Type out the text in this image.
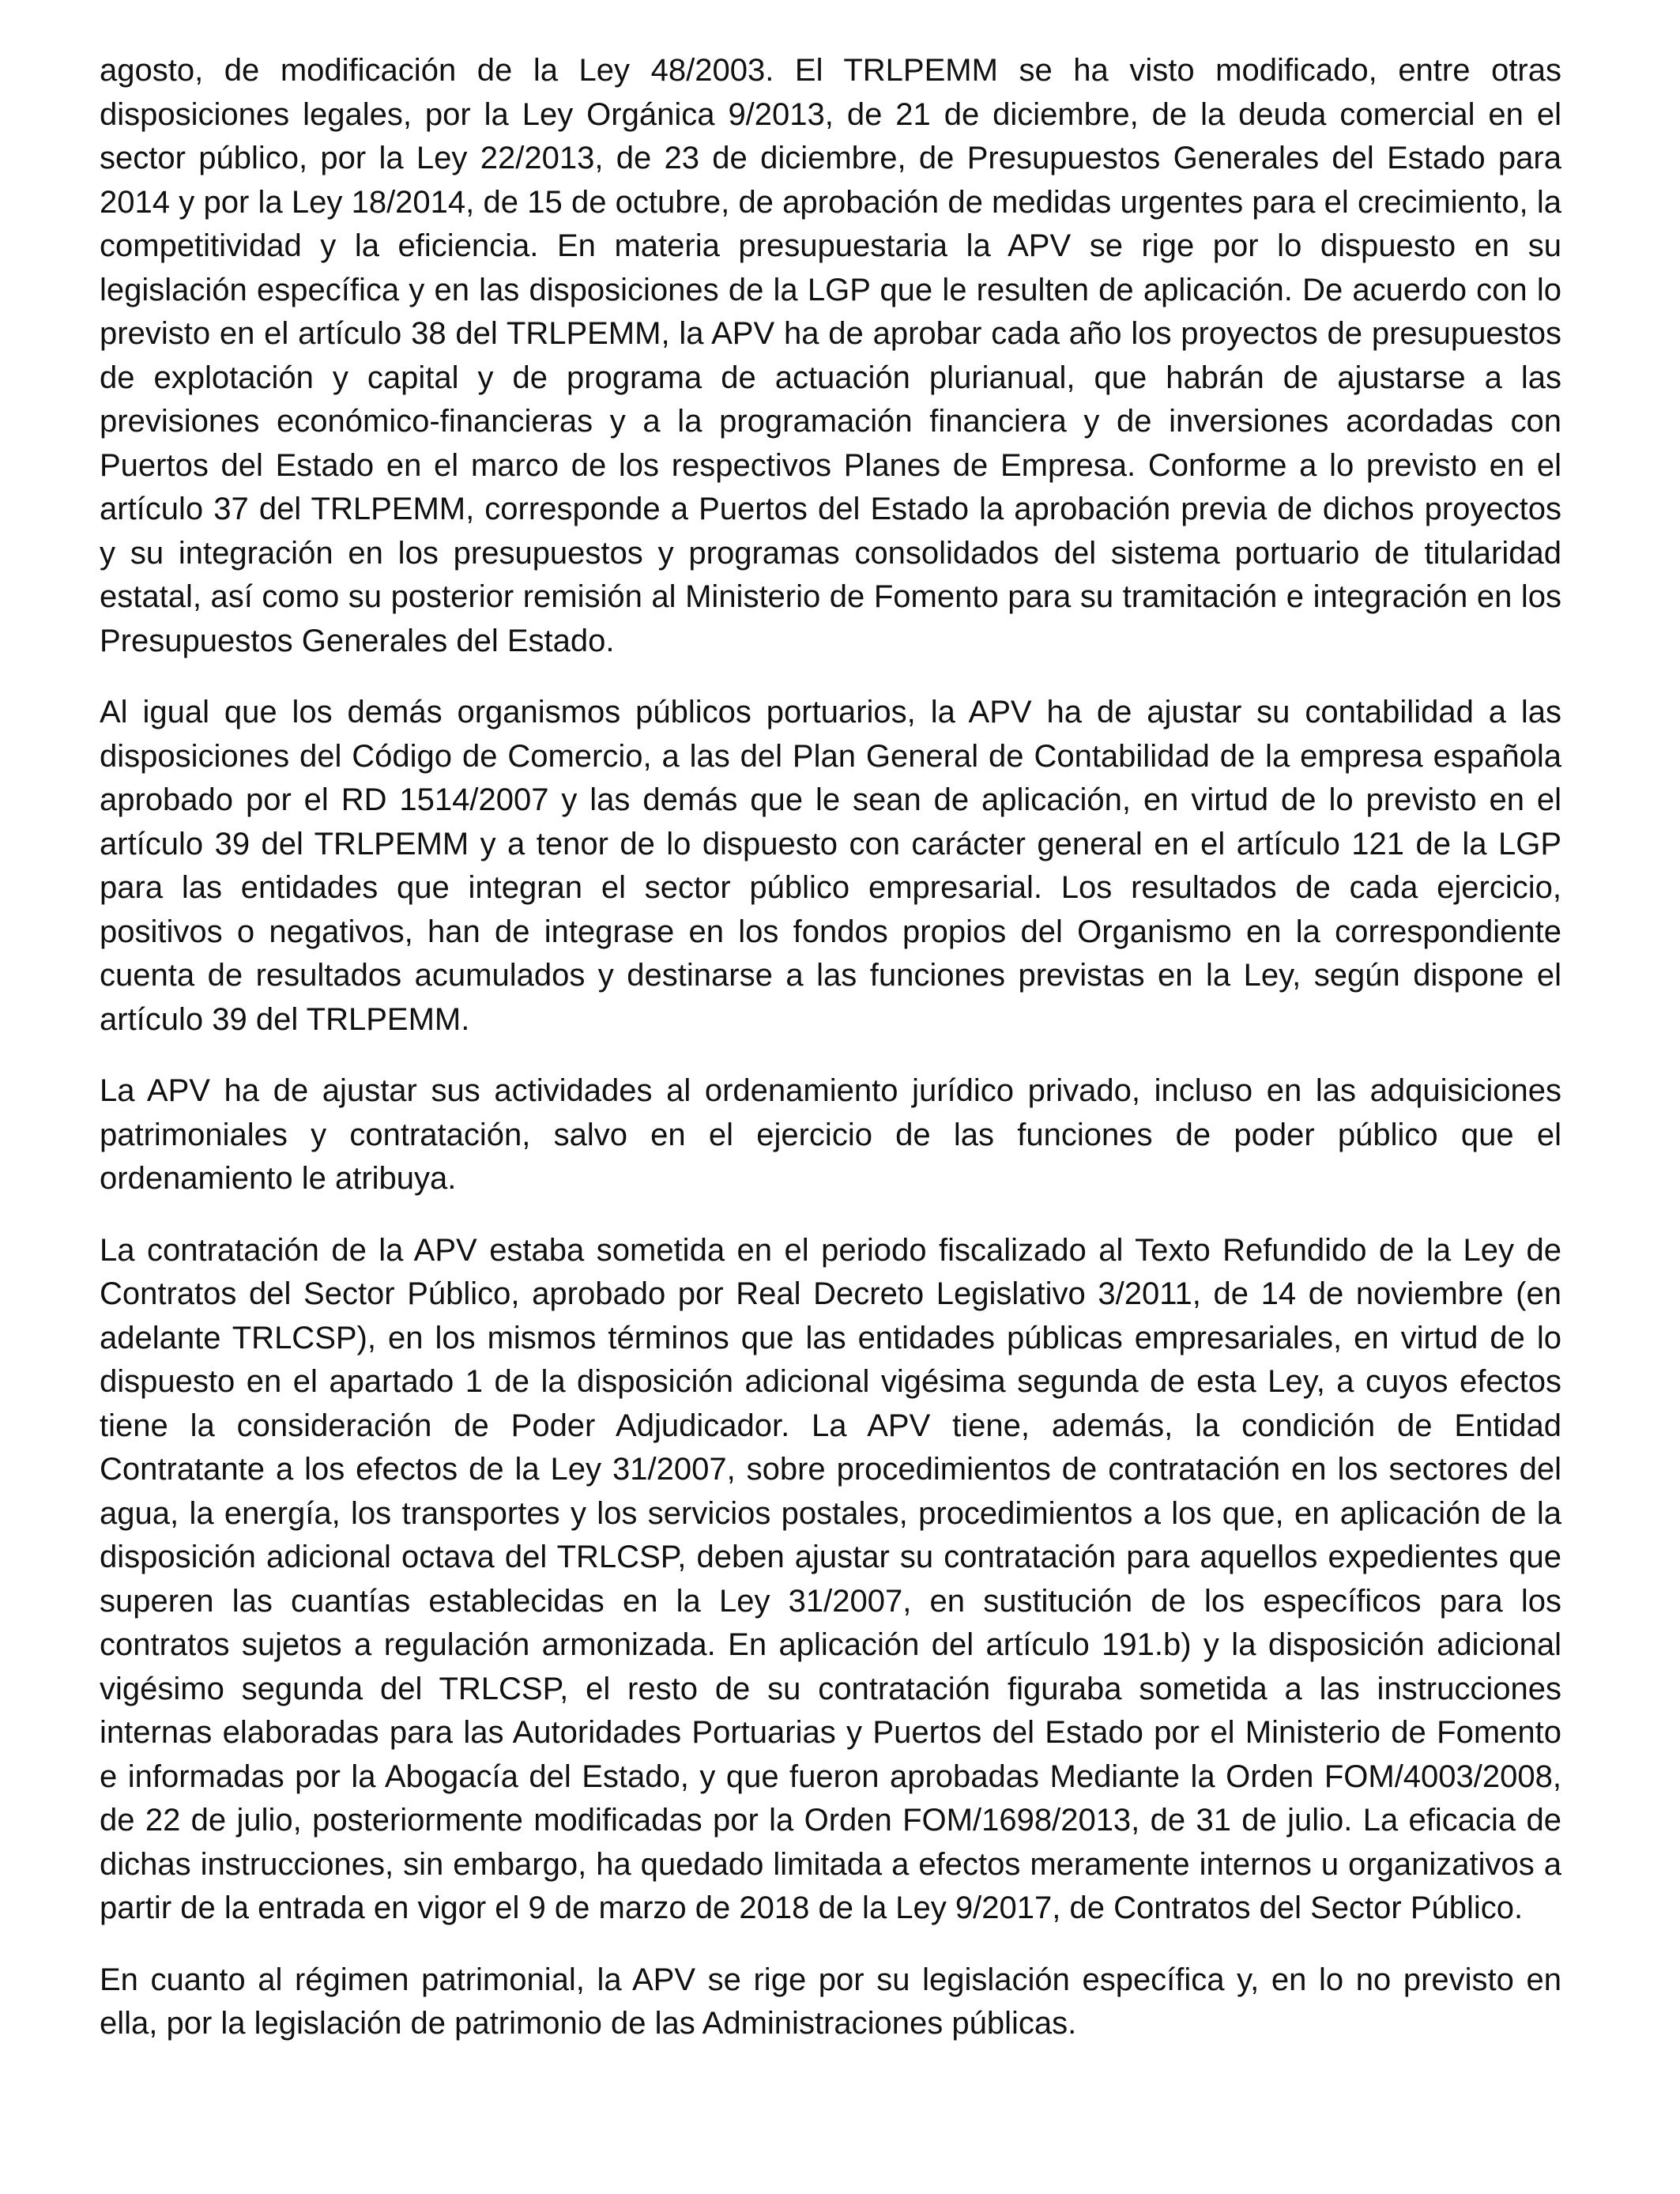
agosto, de modificación de la Ley 48/2003. El TRLPEMM se ha visto modificado, entre otras disposiciones legales, por la Ley Orgánica 9/2013, de 21 de diciembre, de la deuda comercial en el sector público, por la Ley 22/2013, de 23 de diciembre, de Presupuestos Generales del Estado para 2014 y por la Ley 18/2014, de 15 de octubre, de aprobación de medidas urgentes para el crecimiento, la competitividad y la eficiencia. En materia presupuestaria la APV se rige por lo dispuesto en su legislación específica y en las disposiciones de la LGP que le resulten de aplicación. De acuerdo con lo previsto en el artículo 38 del TRLPEMM, la APV ha de aprobar cada año los proyectos de presupuestos de explotación y capital y de programa de actuación plurianual, que habrán de ajustarse a las previsiones económico-financieras y a la programación financiera y de inversiones acordadas con Puertos del Estado en el marco de los respectivos Planes de Empresa. Conforme a lo previsto en el artículo 37 del TRLPEMM, corresponde a Puertos del Estado la aprobación previa de dichos proyectos y su integración en los presupuestos y programas consolidados del sistema portuario de titularidad estatal, así como su posterior remisión al Ministerio de Fomento para su tramitación e integración en los Presupuestos Generales del Estado.

Al igual que los demás organismos públicos portuarios, la APV ha de ajustar su contabilidad a las disposiciones del Código de Comercio, a las del Plan General de Contabilidad de la empresa española aprobado por el RD 1514/2007 y las demás que le sean de aplicación, en virtud de lo previsto en el artículo 39 del TRLPEMM y a tenor de lo dispuesto con carácter general en el artículo 121 de la LGP para las entidades que integran el sector público empresarial. Los resultados de cada ejercicio, positivos o negativos, han de integrase en los fondos propios del Organismo en la correspondiente cuenta de resultados acumulados y destinarse a las funciones previstas en la Ley, según dispone el artículo 39 del TRLPEMM.

La APV ha de ajustar sus actividades al ordenamiento jurídico privado, incluso en las adquisiciones patrimoniales y contratación, salvo en el ejercicio de las funciones de poder público que el ordenamiento le atribuya.

La contratación de la APV estaba sometida en el periodo fiscalizado al Texto Refundido de la Ley de Contratos del Sector Público, aprobado por Real Decreto Legislativo 3/2011, de 14 de noviembre (en adelante TRLCSP), en los mismos términos que las entidades públicas empresariales, en virtud de lo dispuesto en el apartado 1 de la disposición adicional vigésima segunda de esta Ley, a cuyos efectos tiene la consideración de Poder Adjudicador. La APV tiene, además, la condición de Entidad Contratante a los efectos de la Ley 31/2007, sobre procedimientos de contratación en los sectores del agua, la energía, los transportes y los servicios postales, procedimientos a los que, en aplicación de la disposición adicional octava del TRLCSP, deben ajustar su contratación para aquellos expedientes que superen las cuantías establecidas en la Ley 31/2007, en sustitución de los específicos para los contratos sujetos a regulación armonizada. En aplicación del artículo 191.b) y la disposición adicional vigésimo segunda del TRLCSP, el resto de su contratación figuraba sometida a las instrucciones internas elaboradas para las Autoridades Portuarias y Puertos del Estado por el Ministerio de Fomento e informadas por la Abogacía del Estado, y que fueron aprobadas Mediante la Orden FOM/4003/2008, de 22 de julio, posteriormente modificadas por la Orden FOM/1698/2013, de 31 de julio. La eficacia de dichas instrucciones, sin embargo, ha quedado limitada a efectos meramente internos u organizativos a partir de la entrada en vigor el 9 de marzo de 2018 de la Ley 9/2017, de Contratos del Sector Público.

En cuanto al régimen patrimonial, la APV se rige por su legislación específica y, en lo no previsto en ella, por la legislación de patrimonio de las Administraciones públicas.
